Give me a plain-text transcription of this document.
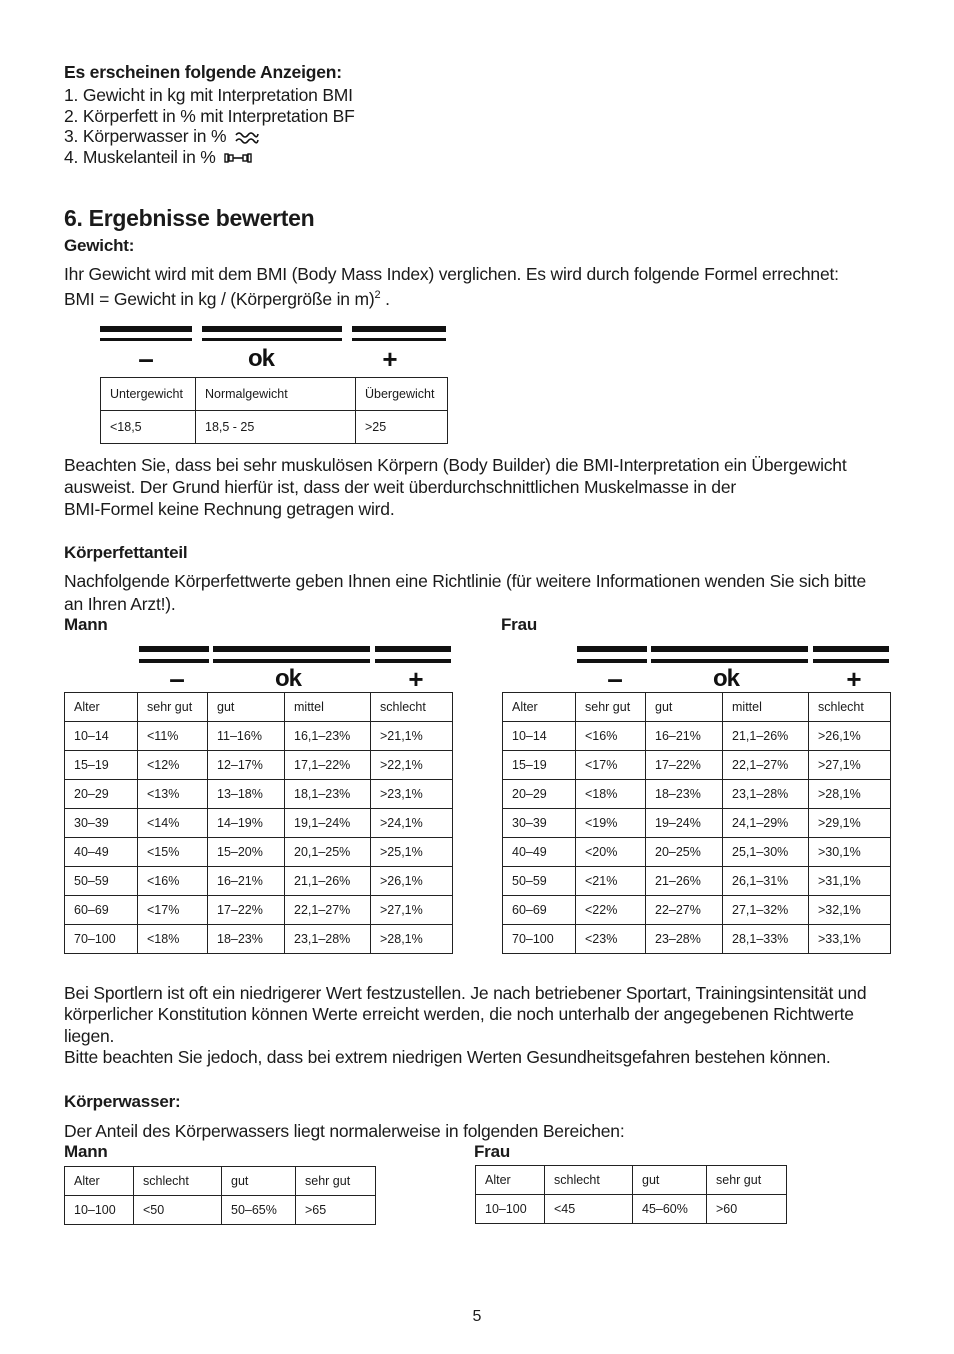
Es erscheinen folgende Anzeigen:
1. Gewicht in kg mit Interpretation BMI
2. Körperfett in % mit Interpretation BF
3. Körperwasser in %
4. Muskelanteil in %
6. Ergebnisse bewerten
Gewicht:
Ihr Gewicht wird mit dem BMI (Body Mass Index) verglichen. Es wird durch folgende Formel errechnet:
BMI = Gewicht in kg / (Körpergröße in m)$^2$ .
–	ok	+
Untergewicht	Normalgewicht	Übergewicht
<18,5	18,5 - 25	>25
Beachten Sie, dass bei sehr muskulösen Körpern (Body Builder) die BMI-Interpretation ein Übergewicht
ausweist. Der Grund hierfür ist, dass der weit überdurchschnittlichen Muskelmasse in der
BMI-Formel keine Rechnung getragen wird.
Körperfettanteil
Nachfolgende Körperfettwerte geben Ihnen eine Richtlinie (für weitere Informationen wenden Sie sich bitte
an Ihren Arzt!).
Mann	Frau
–	ok	+	–	ok	+
Alter	sehr gut	gut	mittel	schlecht
10–14	<11%	11–16%	16,1–23%	>21,1%
15–19	<12%	12–17%	17,1–22%	>22,1%
20–29	<13%	13–18%	18,1–23%	>23,1%
30–39	<14%	14–19%	19,1–24%	>24,1%
40–49	<15%	15–20%	20,1–25%	>25,1%
50–59	<16%	16–21%	21,1–26%	>26,1%
60–69	<17%	17–22%	22,1–27%	>27,1%
70–100	<18%	18–23%	23,1–28%	>28,1%
Alter	sehr gut	gut	mittel	schlecht
10–14	<16%	16–21%	21,1–26%	>26,1%
15–19	<17%	17–22%	22,1–27%	>27,1%
20–29	<18%	18–23%	23,1–28%	>28,1%
30–39	<19%	19–24%	24,1–29%	>29,1%
40–49	<20%	20–25%	25,1–30%	>30,1%
50–59	<21%	21–26%	26,1–31%	>31,1%
60–69	<22%	22–27%	27,1–32%	>32,1%
70–100	<23%	23–28%	28,1–33%	>33,1%
Bei Sportlern ist oft ein niedrigerer Wert festzustellen. Je nach betriebener Sportart, Trainingsintensität und
körperlicher Konstitution können Werte erreicht werden, die noch unterhalb der angegebenen Richtwerte
liegen.
Bitte beachten Sie jedoch, dass bei extrem niedrigen Werten Gesundheitsgefahren bestehen können.
Körperwasser:
Der Anteil des Körperwassers liegt normalerweise in folgenden Bereichen:
Mann	Frau
Alter	schlecht	gut	sehr gut
10–100	<50	50–65%	>65
Alter	schlecht	gut	sehr gut
10–100	<45	45–60%	>60
5
